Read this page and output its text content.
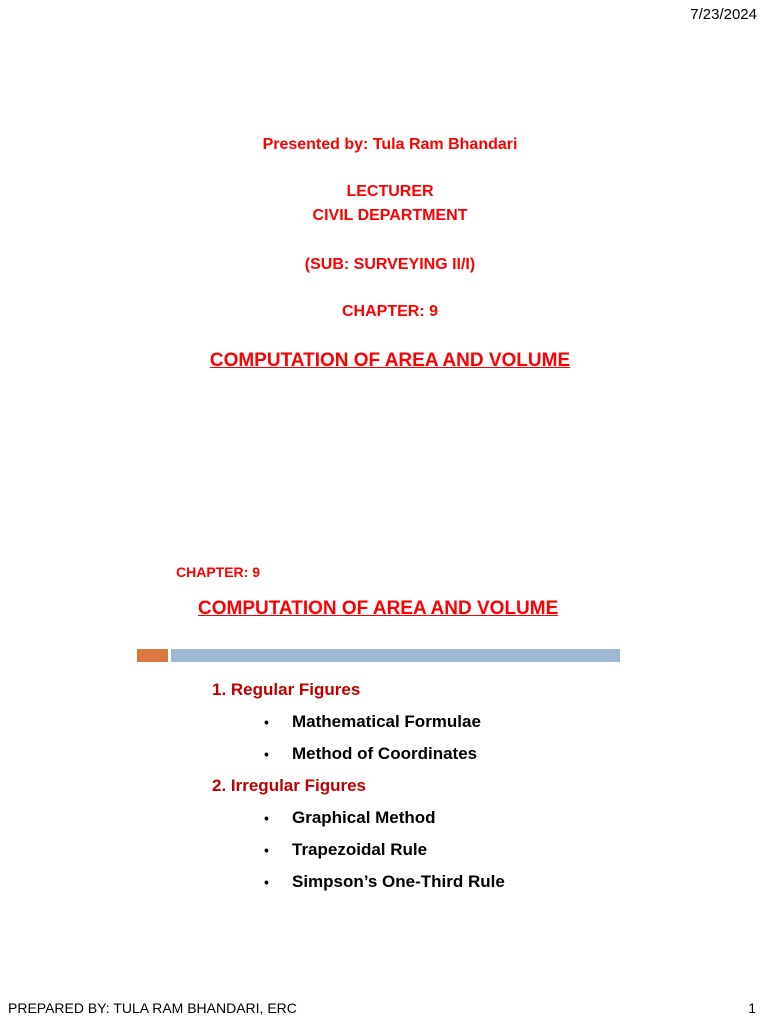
7/23/2024
Presented by: Tula Ram Bhandari
LECTURER
CIVIL DEPARTMENT
(SUB: SURVEYING II/I)
CHAPTER: 9
COMPUTATION OF AREA AND VOLUME
CHAPTER: 9
COMPUTATION OF AREA AND VOLUME
1. Regular Figures
•	Mathematical Formulae
•	Method of Coordinates
2. Irregular Figures
•	Graphical Method
•	Trapezoidal Rule
•	Simpson’s One-Third Rule
PREPARED BY: TULA RAM BHANDARI, ERC	1
